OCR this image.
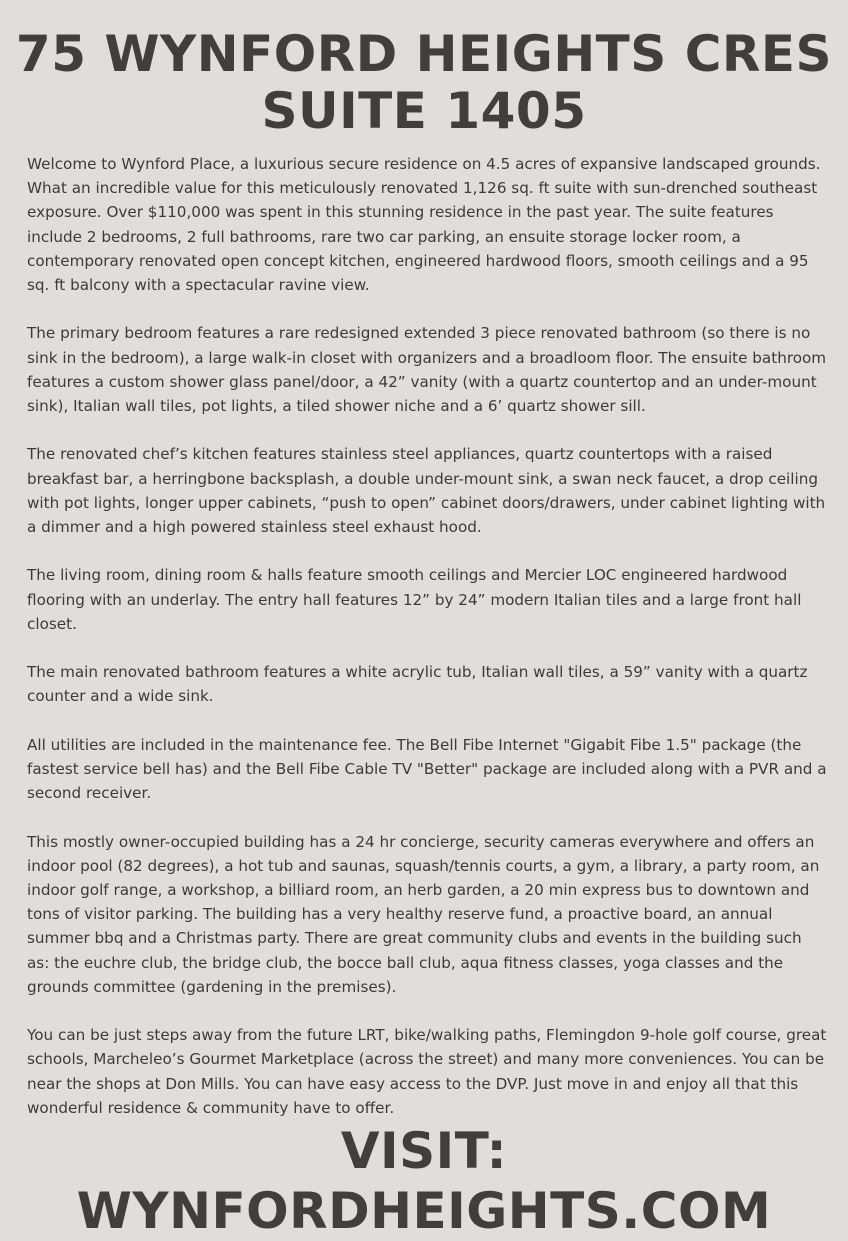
75 WYNFORD HEIGHTS CRES
SUITE 1405

Welcome to Wynford Place, a luxurious secure residence on 4.5 acres of expansive landscaped grounds. What an incredible value for this meticulously renovated 1,126 sq. ft suite with sun-drenched southeast exposure. Over $110,000 was spent in this stunning residence in the past year. The suite features include 2 bedrooms, 2 full bathrooms, rare two car parking, an ensuite storage locker room, a contemporary renovated open concept kitchen, engineered hardwood floors, smooth ceilings and a 95 sq. ft balcony with a spectacular ravine view.

The primary bedroom features a rare redesigned extended 3 piece renovated bathroom (so there is no sink in the bedroom), a large walk-in closet with organizers and a broadloom floor. The ensuite bathroom features a custom shower glass panel/door, a 42” vanity (with a quartz countertop and an under-mount sink), Italian wall tiles, pot lights, a tiled shower niche and a 6’ quartz shower sill.

The renovated chef’s kitchen features stainless steel appliances, quartz countertops with a raised breakfast bar, a herringbone backsplash, a double under-mount sink, a swan neck faucet, a drop ceiling with pot lights, longer upper cabinets, “push to open” cabinet doors/drawers, under cabinet lighting with a dimmer and a high powered stainless steel exhaust hood.

The living room, dining room & halls feature smooth ceilings and Mercier LOC engineered hardwood flooring with an underlay. The entry hall features 12” by 24” modern Italian tiles and a large front hall closet.

The main renovated bathroom features a white acrylic tub, Italian wall tiles, a 59” vanity with a quartz counter and a wide sink.

All utilities are included in the maintenance fee. The Bell Fibe Internet "Gigabit Fibe 1.5" package (the fastest service bell has) and the Bell Fibe Cable TV "Better" package are included along with a PVR and a second receiver.

This mostly owner-occupied building has a 24 hr concierge, security cameras everywhere and offers an indoor pool (82 degrees), a hot tub and saunas, squash/tennis courts, a gym, a library, a party room, an indoor golf range, a workshop, a billiard room, an herb garden, a 20 min express bus to downtown and tons of visitor parking. The building has a very healthy reserve fund, a proactive board, an annual summer bbq and a Christmas party. There are great community clubs and events in the building such as: the euchre club, the bridge club, the bocce ball club, aqua fitness classes, yoga classes and the grounds committee (gardening in the premises).

You can be just steps away from the future LRT, bike/walking paths, Flemingdon 9-hole golf course, great schools, Marcheleo’s Gourmet Marketplace (across the street) and many more conveniences. You can be near the shops at Don Mills. You can have easy access to the DVP. Just move in and enjoy all that this wonderful residence & community have to offer.

VISIT:
WYNFORDHEIGHTS.COM
